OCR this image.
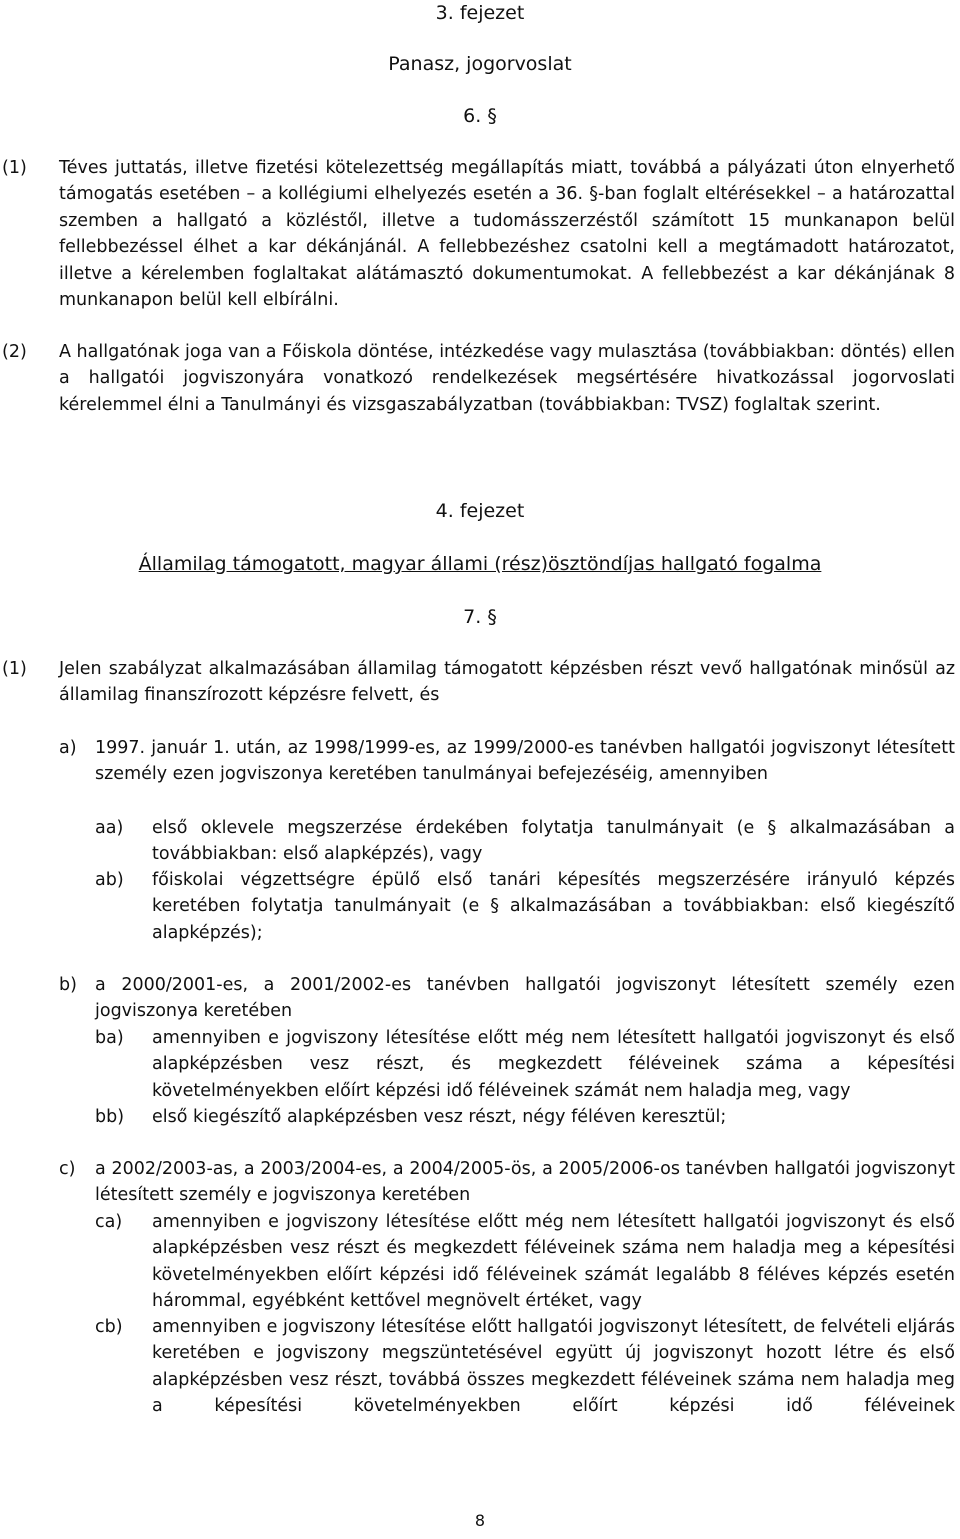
3. fejezet
Panasz, jogorvoslat
6. §
(1) Téves juttatás, illetve fizetési kötelezettség megállapítás miatt, továbbá a pályázati úton elnyerhető támogatás esetében – a kollégiumi elhelyezés esetén a 36. §-ban foglalt eltérésekkel – a határozattal szemben a hallgató a közléstől, illetve a tudomásszerzéstől számított 15 munkanapon belül fellebbezéssel élhet a kar dékánjánál. A fellebbezéshez csatolni kell a megtámadott határozatot, illetve a kérelemben foglaltakat alátámasztó dokumentumokat. A fellebbezést a kar dékánjának 8 munkanapon belül kell elbírálni.
(2) A hallgatónak joga van a Főiskola döntése, intézkedése vagy mulasztása (továbbiakban: döntés) ellen a hallgatói jogviszonyára vonatkozó rendelkezések megsértésére hivatkozással jogorvoslati kérelemmel élni a Tanulmányi és vizsgaszabályzatban (továbbiakban: TVSZ) foglaltak szerint.
4. fejezet
Államilag támogatott, magyar állami (rész)ösztöndíjas hallgató fogalma
7. §
(1) Jelen szabályzat alkalmazásában államilag támogatott képzésben részt vevő hallgatónak minősül az államilag finanszírozott képzésre felvett, és
a) 1997. január 1. után, az 1998/1999-es, az 1999/2000-es tanévben hallgatói jogviszonyt létesített személy ezen jogviszonya keretében tanulmányai befejezéséig, amennyiben
aa) első oklevele megszerzése érdekében folytatja tanulmányait (e § alkalmazásában a továbbiakban: első alapképzés), vagy
ab) főiskolai végzettségre épülő első tanári képesítés megszerzésére irányuló képzés keretében folytatja tanulmányait (e § alkalmazásában a továbbiakban: első kiegészítő alapképzés);
b) a 2000/2001-es, a 2001/2002-es tanévben hallgatói jogviszonyt létesített személy ezen jogviszonya keretében
ba) amennyiben e jogviszony létesítése előtt még nem létesített hallgatói jogviszonyt és első alapképzésben vesz részt, és megkezdett féléveinek száma a képesítési követelményekben előírt képzési idő féléveinek számát nem haladja meg, vagy
bb) első kiegészítő alapképzésben vesz részt, négy féléven keresztül;
c) a 2002/2003-as, a 2003/2004-es, a 2004/2005-ös, a 2005/2006-os tanévben hallgatói jogviszonyt létesített személy e jogviszonya keretében
ca) amennyiben e jogviszony létesítése előtt még nem létesített hallgatói jogviszonyt és első alapképzésben vesz részt és megkezdett féléveinek száma nem haladja meg a képesítési követelményekben előírt képzési idő féléveinek számát legalább 8 féléves képzés esetén hárommal, egyébként kettővel megnövelt értéket, vagy
cb) amennyiben e jogviszony létesítése előtt hallgatói jogviszonyt létesített, de felvételi eljárás keretében e jogviszony megszüntetésével együtt új jogviszonyt hozott létre és első alapképzésben vesz részt, továbbá összes megkezdett féléveinek száma nem haladja meg a képesítési követelményekben előírt képzési idő féléveinek
8
